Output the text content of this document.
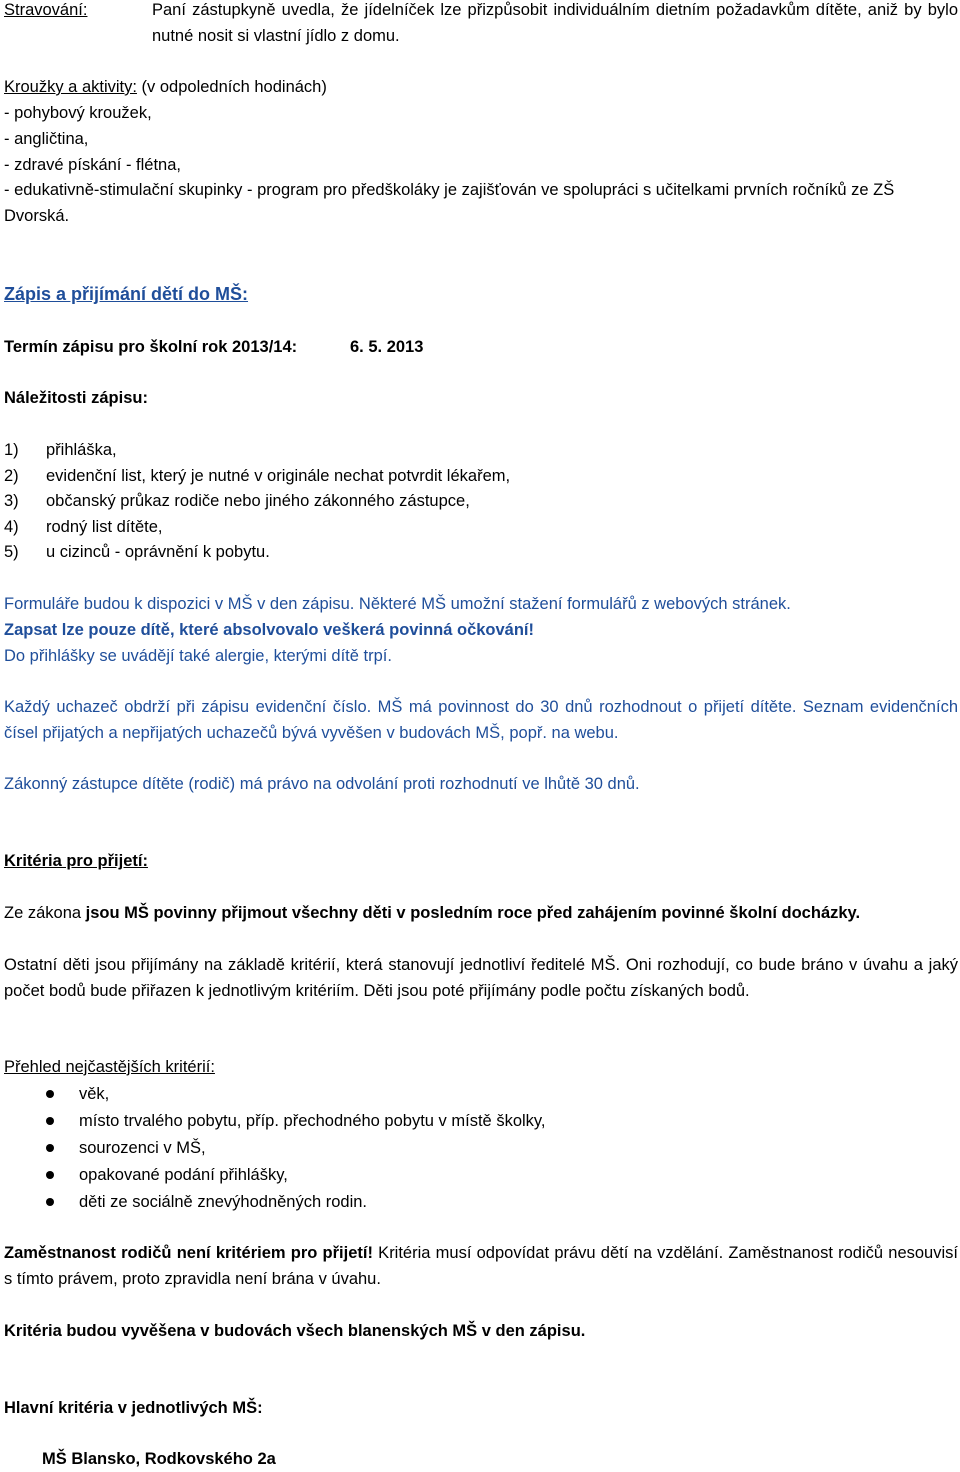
Stravování:	Paní zástupkyně uvedla, že jídelníček lze přizpůsobit individuálním dietním požadavkům dítěte, aniž by bylo nutné nosit si vlastní jídlo z domu.
Kroužky a aktivity: (v odpoledních hodinách)
- pohybový kroužek,
- angličtina,
- zdravé pískání - flétna,
- edukativně-stimulační skupinky - program pro předškoláky je zajišťován ve spolupráci s učitelkami prvních ročníků ze ZŠ Dvorská.
Zápis a přijímání dětí do MŠ:
Termín zápisu pro školní rok 2013/14:	6. 5. 2013
Náležitosti zápisu:
1) přihláška,
2) evidenční list, který je nutné v originále nechat potvrdit lékařem,
3) občanský průkaz rodiče nebo jiného zákonného zástupce,
4) rodný list dítěte,
5) u cizinců - oprávnění k pobytu.
Formuláře budou k dispozici v MŠ v den zápisu. Některé MŠ umožní stažení formulářů z webových stránek.
Zapsat lze pouze dítě, které absolvovalo veškerá povinná očkování!
Do přihlášky se uvádějí také alergie, kterými dítě trpí.
Každý uchazeč obdrží při zápisu evidenční číslo. MŠ má povinnost do 30 dnů rozhodnout o přijetí dítěte. Seznam evidenčních čísel přijatých a nepřijatých uchazečů bývá vyvěšen v budovách MŠ, popř. na webu.
Zákonný zástupce dítěte (rodič) má právo na odvolání proti rozhodnutí ve lhůtě 30 dnů.
Kritéria pro přijetí:
Ze zákona jsou MŠ povinny přijmout všechny děti v posledním roce před zahájením povinné školní docházky.
Ostatní děti jsou přijímány na základě kritérií, která stanovují jednotliví ředitelé MŠ. Oni rozhodují, co bude bráno v úvahu a jaký počet bodů bude přiřazen k jednotlivým kritériím. Děti jsou poté přijímány podle počtu získaných bodů.
Přehled nejčastějších kritérií:
věk,
místo trvalého pobytu, příp. přechodného pobytu v místě školky,
sourozenci v MŠ,
opakované podání přihlášky,
děti ze sociálně znevýhodněných rodin.
Zaměstnanost rodičů není kritériem pro přijetí! Kritéria musí odpovídat právu dětí na vzdělání. Zaměstnanost rodičů nesouvisí s tímto právem, proto zpravidla není brána v úvahu.
Kritéria budou vyvěšena v budovách všech blanenských MŠ v den zápisu.
Hlavní kritéria v jednotlivých MŠ:
MŠ Blansko, Rodkovského 2a
